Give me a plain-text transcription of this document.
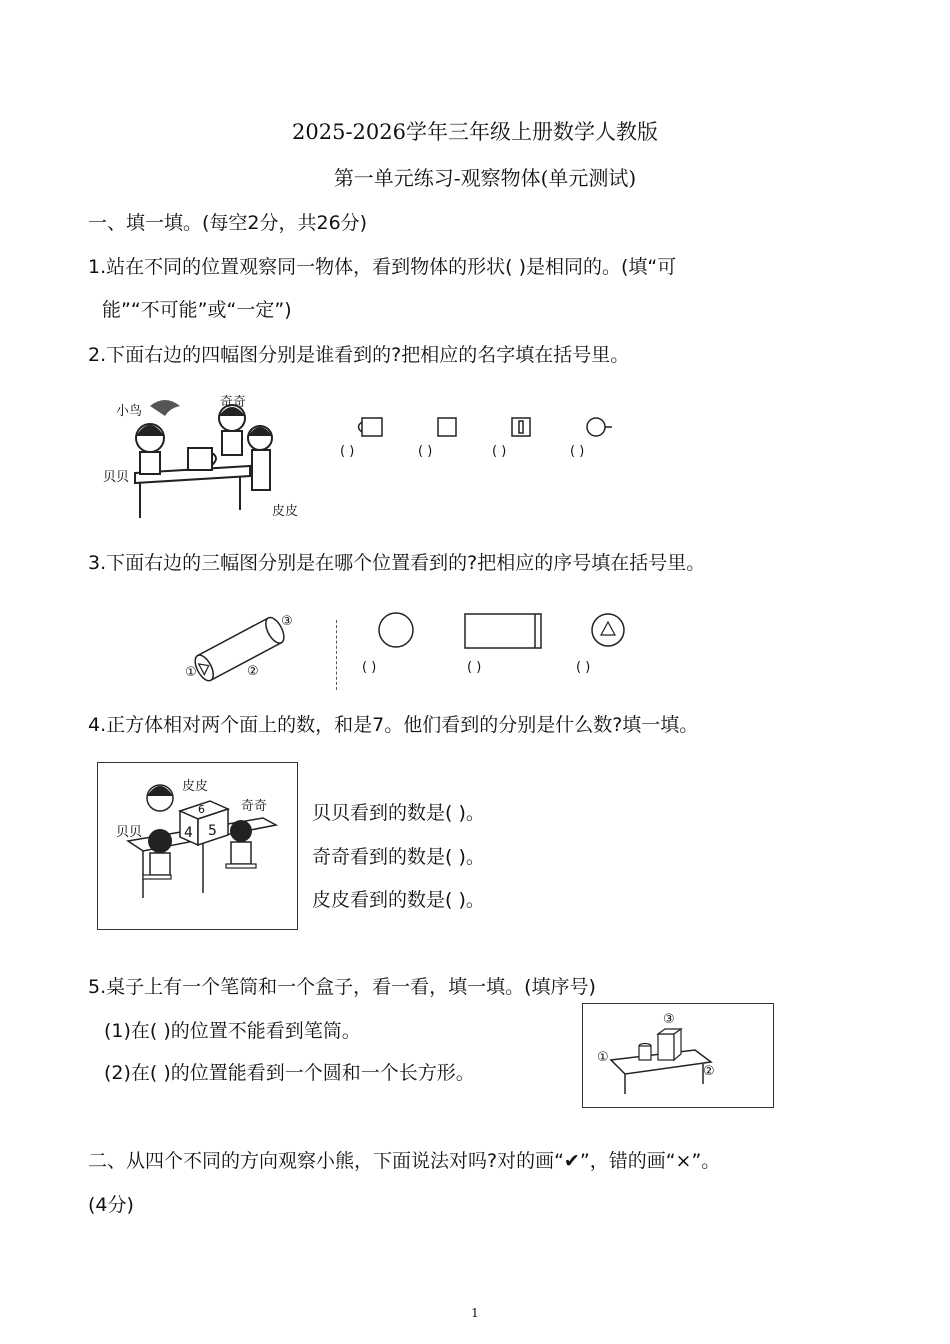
2025-2026学年三年级上册数学人教版
第一单元练习-观察物体(单元测试)
一、填一填。(每空2分，共26分)
1.站在不同的位置观察同一物体，看到物体的形状( )是相同的。(填“可
能”“不可能”或“一定”)
2.下面右边的四幅图分别是谁看到的?把相应的名字填在括号里。
小鸟
奇奇
贝贝
皮皮
( )	( )	( )	( )
3.下面右边的三幅图分别是在哪个位置看到的?把相应的序号填在括号里。
①	②
③
( )	( )	( )
4.正方体相对两个面上的数，和是7。他们看到的分别是什么数?填一填。
皮皮
奇奇
贝贝	4 5
6	贝贝看到的数是( )。
奇奇看到的数是( )。
皮皮看到的数是( )。
5.桌子上有一个笔筒和一个盒子，看一看，填一填。(填序号)
(1)在( )的位置不能看到笔筒。
(2)在( )的位置能看到一个圆和一个长方形。
①
②
③
二、从四个不同的方向观察小熊，下面说法对吗?对的画“✔”，错的画“×”。
(4分)
1
